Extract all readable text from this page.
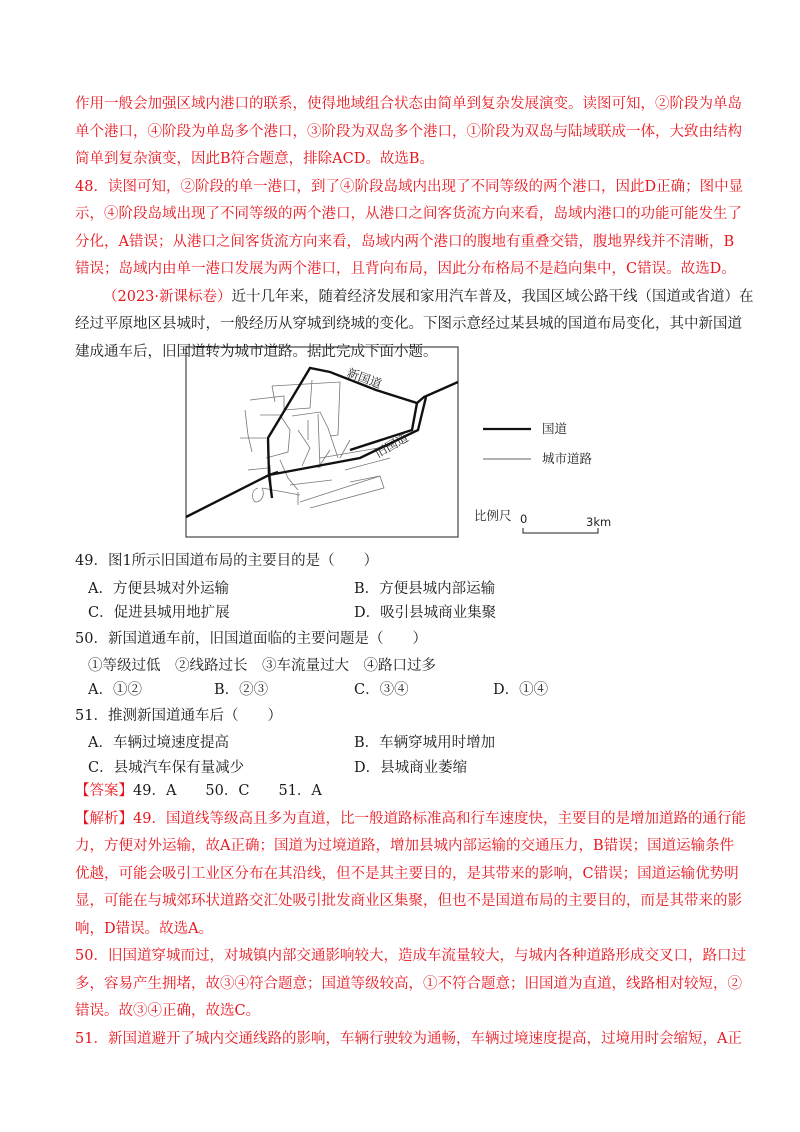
作用一般会加强区域内港口的联系，使得地域组合状态由简单到复杂发展演变。读图可知，②阶段为单岛

单个港口，④阶段为单岛多个港口，③阶段为双岛多个港口，①阶段为双岛与陆域联成一体，大致由结构

简单到复杂演变，因此B符合题意，排除ACD。故选B。

48．读图可知，②阶段的单一港口，到了④阶段岛域内出现了不同等级的两个港口，因此D正确；图中显

示，④阶段岛域出现了不同等级的两个港口，从港口之间客货流方向来看，岛域内港口的功能可能发生了

分化，A错误；从港口之间客货流方向来看，岛域内两个港口的腹地有重叠交错，腹地界线并不清晰，B

错误；岛域内由单一港口发展为两个港口，且背向布局，因此分布格局不是趋向集中，C错误。故选D。

（2023·新课标卷）近十几年来，随着经济发展和家用汽车普及，我国区域公路干线（国道或省道）在

经过平原地区县城时，一般经历从穿城到绕城的变化。下图示意经过某县城的国道布局变化，其中新国道

建成通车后，旧国道转为城市道路。据此完成下面小题。

新国道
旧国道
国道
城市道路
比例尺 0	3km

49．图1所示旧国道布局的主要目的是（　　）

A．方便县城对外运输	B．方便县城内部运输
C．促进县城用地扩展	D．吸引县城商业集聚

50．新国道通车前，旧国道面临的主要问题是（　　）

①等级过低　②线路过长　③车流量过大　④路口过多
A．①②	B．②③	C．③④	D．①④

51．推测新国道通车后（　　）

A．车辆过境速度提高	B．车辆穿城用时增加
C．县城汽车保有量减少	D．县城商业萎缩

【答案】49．A　　50．C　　51．A

【解析】49．国道线等级高且多为直道，比一般道路标准高和行车速度快，主要目的是增加道路的通行能

力，方便对外运输，故A正确；国道为过境道路，增加县城内部运输的交通压力，B错误；国道运输条件

优越，可能会吸引工业区分布在其沿线，但不是其主要目的，是其带来的影响，C错误；国道运输优势明

显，可能在与城郊环状道路交汇处吸引批发商业区集聚，但也不是国道布局的主要目的，而是其带来的影

响，D错误。故选A。

50．旧国道穿城而过，对城镇内部交通影响较大，造成车流量较大，与城内各种道路形成交叉口，路口过

多，容易产生拥堵，故③④符合题意；国道等级较高，①不符合题意；旧国道为直道，线路相对较短，②

错误。故③④正确，故选C。

51．新国道避开了城内交通线路的影响，车辆行驶较为通畅，车辆过境速度提高，过境用时会缩短，A正
